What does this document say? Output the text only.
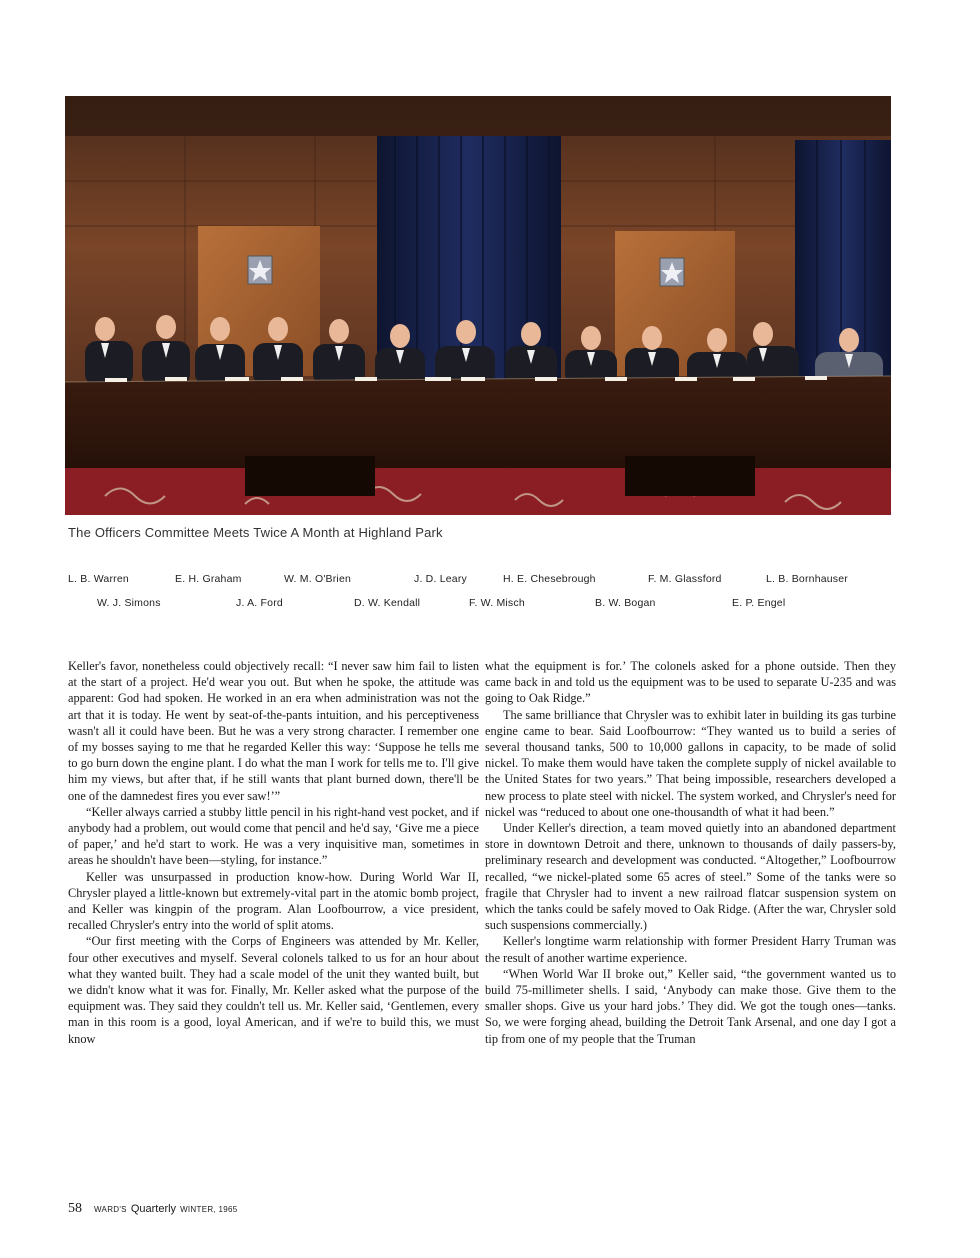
The Officers Committee Meets Twice A Month at Highland Park
L. B. Warren	E. H. Graham	W. M. O'Brien	J. D. Leary	H. E. Chesebrough	F. M. Glassford	L. B. Bornhauser
W. J. Simons	J. A. Ford	D. W. Kendall	F. W. Misch	B. W. Bogan	E. P. Engel

Keller's favor, nonetheless could objectively recall: “I never saw him fail to listen at the start of a project. He'd wear you out. But when he spoke, the attitude was apparent: God had spoken. He worked in an era when administration was not the art that it is today. He went by seat-of-the-pants intuition, and his perceptiveness wasn't all it could have been. But he was a very strong character. I remember one of my bosses saying to me that he regarded Keller this way: ‘Suppose he tells me to go burn down the engine plant. I do what the man I work for tells me to. I'll give him my views, but after that, if he still wants that plant burned down, there'll be one of the damnedest fires you ever saw!’”

“Keller always carried a stubby little pencil in his right-hand vest pocket, and if anybody had a problem, out would come that pencil and he'd say, ‘Give me a piece of paper,’ and he'd start to work. He was a very inquisitive man, sometimes in areas he shouldn't have been—styling, for instance.”

Keller was unsurpassed in production know-how. During World War II, Chrysler played a little-known but extremely-vital part in the atomic bomb project, and Keller was kingpin of the program. Alan Loofbourrow, a vice president, recalled Chrysler's entry into the world of split atoms.

“Our first meeting with the Corps of Engineers was attended by Mr. Keller, four other executives and myself. Several colonels talked to us for an hour about what they wanted built. They had a scale model of the unit they wanted built, but we didn't know what it was for. Finally, Mr. Keller asked what the purpose of the equipment was. They said they couldn't tell us. Mr. Keller said, ‘Gentlemen, every man in this room is a good, loyal American, and if we're to build this, we must know

what the equipment is for.’ The colonels asked for a phone outside. Then they came back in and told us the equipment was to be used to separate U-235 and was going to Oak Ridge.”

The same brilliance that Chrysler was to exhibit later in building its gas turbine engine came to bear. Said Loofbourrow: “They wanted us to build a series of several thousand tanks, 500 to 10,000 gallons in capacity, to be made of solid nickel. To make them would have taken the complete supply of nickel available to the United States for two years.” That being impossible, researchers developed a new process to plate steel with nickel. The system worked, and Chrysler's need for nickel was “reduced to about one one-thousandth of what it had been.”

Under Keller's direction, a team moved quietly into an abandoned department store in downtown Detroit and there, unknown to thousands of daily passers-by, preliminary research and development was conducted. “Altogether,” Loofbourrow recalled, “we nickel-plated some 65 acres of steel.” Some of the tanks were so fragile that Chrysler had to invent a new railroad flatcar suspension system on which the tanks could be safely moved to Oak Ridge. (After the war, Chrysler sold such suspensions commercially.)

Keller's longtime warm relationship with former President Harry Truman was the result of another wartime experience.

“When World War II broke out,” Keller said, “the government wanted us to build 75-millimeter shells. I said, ‘Anybody can make those. Give them to the smaller shops. Give us your hard jobs.’ They did. We got the tough ones—tanks. So, we were forging ahead, building the Detroit Tank Arsenal, and one day I got a tip from one of my people that the Truman

58 WARD'S Quarterly WINTER, 1965
